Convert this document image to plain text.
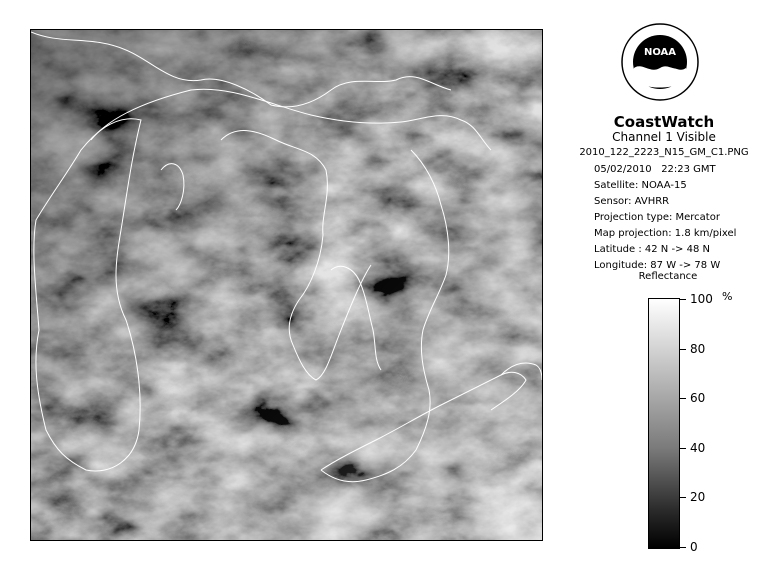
NOAA
CoastWatch
Channel 1 Visible
2010_122_2223_N15_GM_C1.PNG
05/02/2010 22:23 GMT
Satellite: NOAA-15
Sensor: AVHRR
Projection type: Mercator
Map projection: 1.8 km/pixel
Latitude : 42 N -> 48 N
Longitude: 87 W -> 78 W
Reflectance
%
100
80
60
40
20
0
